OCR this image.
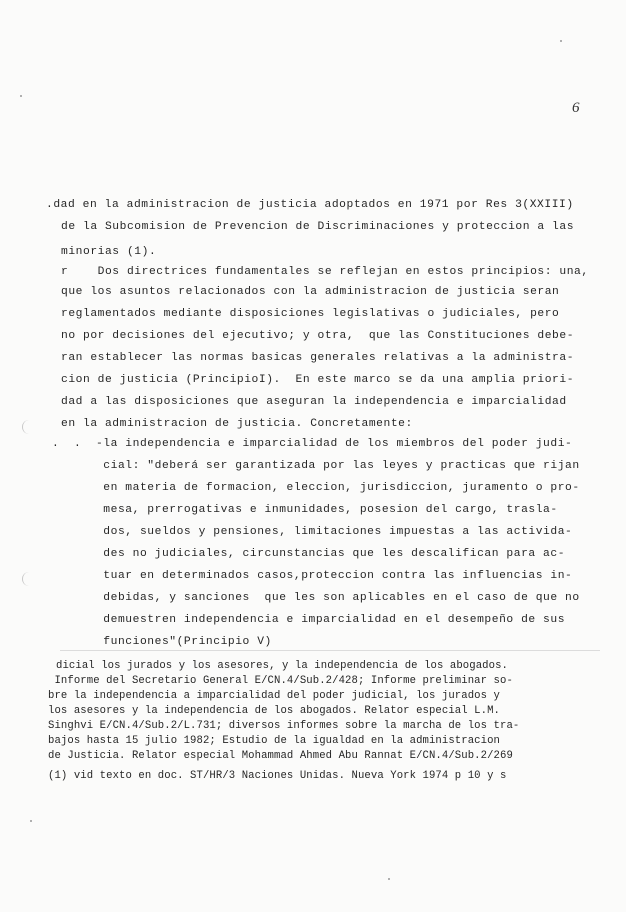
6
.dad en la administracion de justicia adoptados en 1971 por Res 3(XXIII)
de la Subcomision de Prevencion de Discriminaciones y proteccion a las
minorias (1).
r    Dos directrices fundamentales se reflejan en estos principios: una,
que los asuntos relacionados con la administracion de justicia seran
reglamentados mediante disposiciones legislativas o judiciales, pero
no por decisiones del ejecutivo; y otra,  que las Constituciones debe-
ran establecer las normas basicas generales relativas a la administra-
cion de justicia (PrincipioI).  En este marco se da una amplia priori-
dad a las disposiciones que aseguran la independencia e imparcialidad
en la administracion de justicia. Concretamente:
.  .  -la independencia e imparcialidad de los miembros del poder judi-
cial: "deberá ser garantizada por las leyes y practicas que rijan
en materia de formacion, eleccion, jurisdiccion, juramento o pro-
mesa, prerrogativas e inmunidades, posesion del cargo, trasla-
dos, sueldos y pensiones, limitaciones impuestas a las activida-
des no judiciales, circunstancias que les descalifican para ac-
tuar en determinados casos,proteccion contra las influencias in-
debidas, y sanciones  que les son aplicables en el caso de que no
demuestren independencia e imparcialidad en el desempeño de sus
funciones"(Principio V)
dicial los jurados y los asesores, y la independencia de los abogados.
Informe del Secretario General E/CN.4/Sub.2/428; Informe preliminar so-
bre la independencia a imparcialidad del poder judicial, los jurados y
los asesores y la independencia de los abogados. Relator especial L.M.
Singhvi E/CN.4/Sub.2/L.731; diversos informes sobre la marcha de los tra-
bajos hasta 15 julio 1982; Estudio de la igualdad en la administracion
de Justicia. Relator especial Mohammad Ahmed Abu Rannat E/CN.4/Sub.2/269
(1) vid texto en doc. ST/HR/3 Naciones Unidas. Nueva York 1974 p 10 y s
